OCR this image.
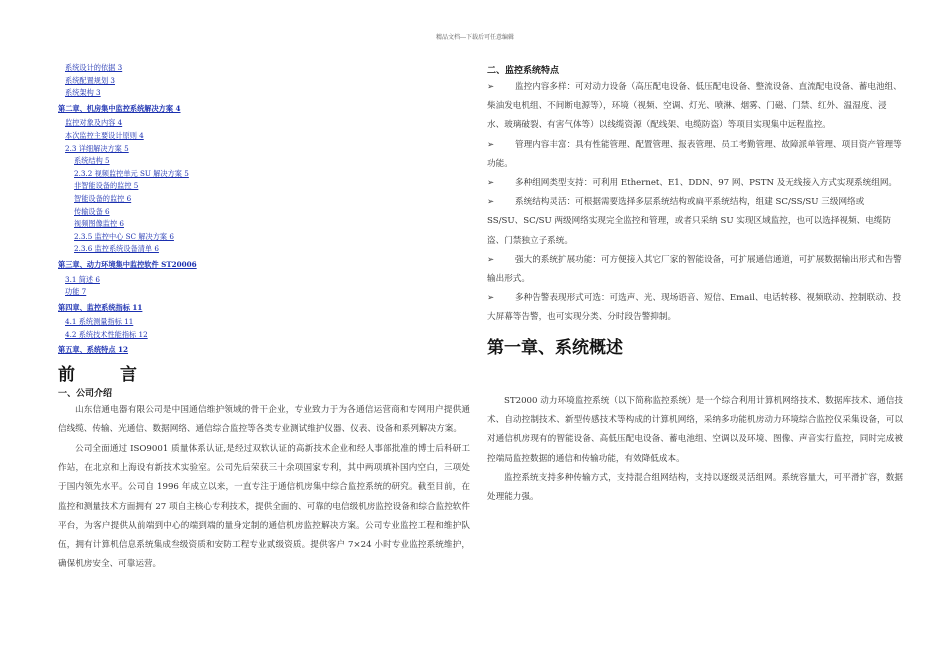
精品文档---下载后可任意编辑
系统设计的依据 3
系统配置规划 3
系统架构 3
第二章、机房集中监控系统解决方案 4
监控对象及内容 4
本次监控主要设计原则 4
2.3 详细解决方案 5
系统结构 5
2.3.2 视频监控单元 SU 解决方案 5
非智能设备的监控 5
智能设备的监控 6
传输设备 6
视频图像监控 6
2.3.5 监控中心 SC 解决方案 6
2.3.6 监控系统设备清单 6
第三章、动力环境集中监控软件 ST20006
3.1 简述 6
功能 7
第四章、监控系统指标 11
4.1 系统测量指标 11
4.2 系统技术性能指标 12
第五章、系统特点 12
前　言
一、公司介绍

山东信通电器有限公司是中国通信维护领域的骨干企业，专业致力于为各通信运营商和专网用户提供通信线缆、传输、光通信、数据网络、通信综合监控等各类专业测试维护仪器、仪表、设备和系列解决方案。

公司全面通过 ISO9001 质量体系认证,是经过双软认证的高新技术企业和经人事部批准的博士后科研工作站，在北京和上海设有新技术实验室。公司先后荣获三十余项国家专利，其中两项填补国内空白，三项处于国内领先水平。公司自 1996 年成立以来，一直专注于通信机房集中综合监控系统的研究。截至目前，在监控和测量技术方面拥有 27 项自主核心专利技术，提供全面的、可靠的电信级机房监控设备和综合监控软件平台，为客户提供从前端到中心的端到端的量身定制的通信机房监控解决方案。公司专业监控工程和维护队伍，拥有计算机信息系统集成叁级资质和安防工程专业贰级资质。提供客户 7×24 小时专业监控系统维护，确保机房安全、可靠运营。

二、监控系统特点

➢ 监控内容多样：可对动力设备（高压配电设备、低压配电设备、整流设备、直流配电设备、蓄电池组、柴油发电机组、不间断电源等），环境（视频、空调、灯光、喷淋、烟雾、门磁、门禁、红外、温湿度、浸水、玻璃破裂、有害气体等）以线缆资源（配线架、电缆防盗）等项目实现集中远程监控。

➢ 管理内容丰富：具有性能管理、配置管理、报表管理、员工考勤管理、故障派单管理、项目资产管理等功能。

➢ 多种组网类型支持：可利用 Ethernet、E1、DDN、97 网、PSTN 及无线接入方式实现系统组网。

➢ 系统结构灵活：可根据需要选择多层系统结构或扁平系统结构，组建 SC/SS/SU 三级网络或 SS/SU、SC/SU 两级网络实现完全监控和管理，或者只采纳 SU 实现区域监控，也可以选择视频、电缆防盗、门禁独立子系统。

➢ 强大的系统扩展功能：可方便接入其它厂家的智能设备，可扩展通信通道，可扩展数据输出形式和告警输出形式。

➢ 多种告警表现形式可选：可选声、光、现场语音、短信、Email、电话转移、视频联动、控制联动、投大屏幕等告警，也可实现分类、分时段告警抑制。

第一章、系统概述

ST2000 动力环境监控系统（以下简称监控系统）是一个综合利用计算机网络技术、数据库技术、通信技术、自动控制技术、新型传感技术等构成的计算机网络，采纳多功能机房动力环境综合监控仪采集设备，可以对通信机房现有的智能设备、高低压配电设备、蓄电池组、空调以及环境、图像、声音实行监控，同时完成被控端局监控数据的通信和传输功能，有效降低成本。

监控系统支持多种传输方式，支持混合组网结构，支持以逐级灵活组网。系统容量大，可平滑扩容，数据处理能力强。
